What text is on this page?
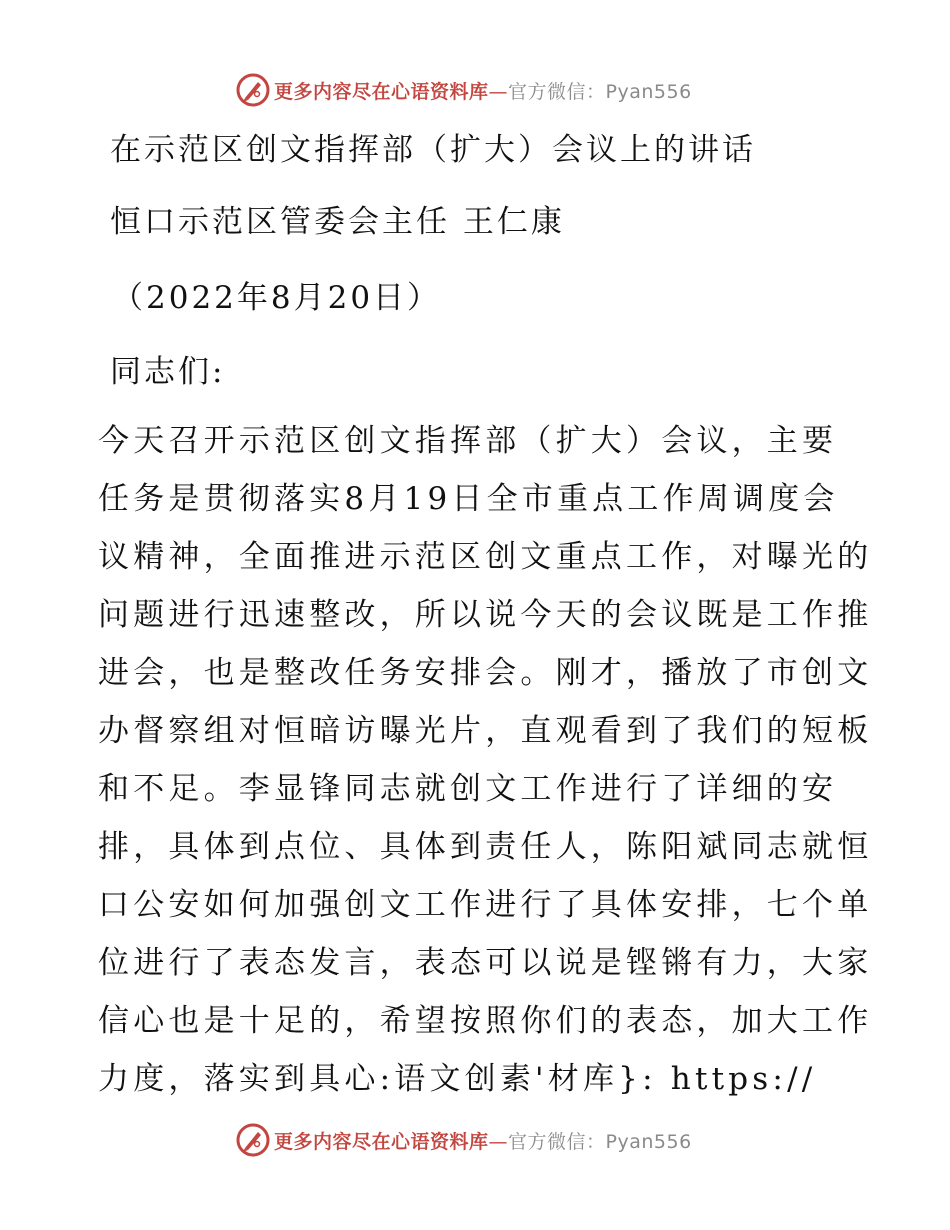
更多内容尽在心语资料库—官方微信：Pyan556
在示范区创文指挥部（扩大）会议上的讲话
恒口示范区管委会主任 王仁康
（2022年8月20日）
同志们:
今天召开示范区创文指挥部（扩大）会议，主要
任务是贯彻落实8月19日全市重点工作周调度会
议精神，全面推进示范区创文重点工作，对曝光的
问题进行迅速整改，所以说今天的会议既是工作推
进会，也是整改任务安排会。刚才，播放了市创文
办督察组对恒暗访曝光片，直观看到了我们的短板
和不足。李显锋同志就创文工作进行了详细的安
排，具体到点位、具体到责任人，陈阳斌同志就恒
口公安如何加强创文工作进行了具体安排，七个单
位进行了表态发言，表态可以说是铿锵有力，大家
信心也是十足的，希望按照你们的表态，加大工作
力度，落实到具心:语文创素'材库}: https://
更多内容尽在心语资料库—官方微信：Pyan556
